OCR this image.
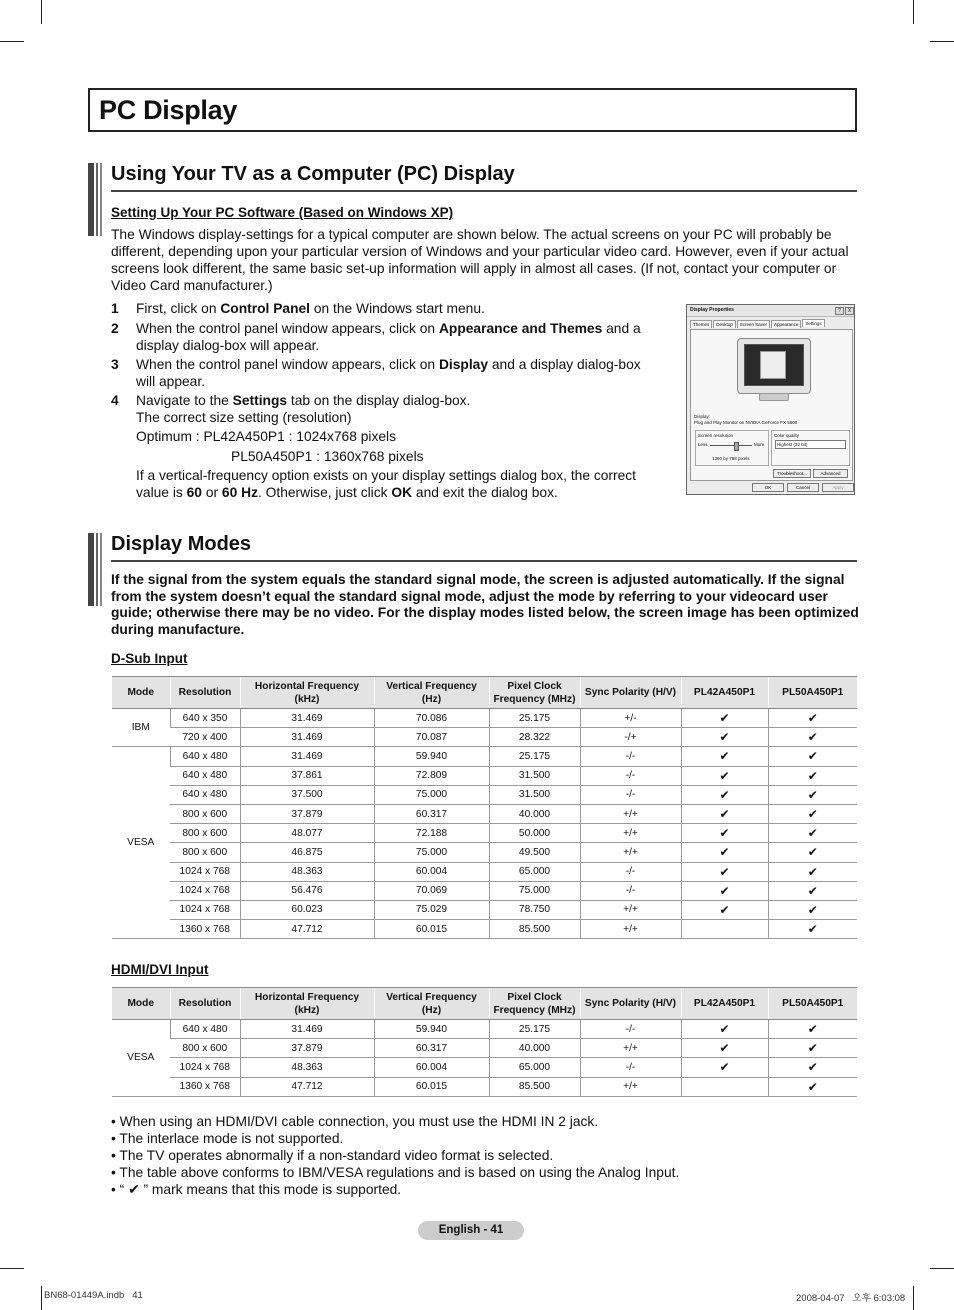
PC Display
Using Your TV as a Computer (PC) Display
Setting Up Your PC Software (Based on Windows XP)

The Windows display-settings for a typical computer are shown below. The actual screens on your PC will probably be different, depending upon your particular version of Windows and your particular video card. However, even if your actual screens look different, the same basic set-up information will apply in almost all cases. (If not, contact your computer or Video Card manufacturer.)

1 First, click on Control Panel on the Windows start menu.
2 When the control panel window appears, click on Appearance and Themes and a
display dialog-box will appear.
3 When the control panel window appears, click on Display and a display dialog-box
will appear.
4 Navigate to the Settings tab on the display dialog-box.
The correct size setting (resolution)
Optimum : PL42A450P1 : 1024x768 pixels
PL50A450P1 : 1360x768 pixels
If a vertical-frequency option exists on your display settings dialog box, the correct
value is 60 or 60 Hz. Otherwise, just click OK and exit the dialog box.
Display Properties	?	X
Themes Desktop Screen Saver Appearance Settings
Display:
Plug and Play Monitor on NVIDIA GeForce FX 5600
Screen resolution
Less	More
1360 by 768 pixels
Color quality
Highest (32 bit)
Troubleshoot...	Advanced
OK	Cancel	Apply
Display Modes

If the signal from the system equals the standard signal mode, the screen is adjusted automatically. If the signal from the system doesn’t equal the standard signal mode, adjust the mode by referring to your videocard user guide; otherwise there may be no video. For the display modes listed below, the screen image has been optimized during manufacture.

D-Sub Input
Mode	Resolution	Horizontal Frequency (kHz)	Vertical Frequency (Hz)	Pixel Clock Frequency (MHz)	Sync Polarity (H/V)	PL42A450P1	PL50A450P1
IBM	640 x 350	31.469	70.086	25.175	+/-	✔	✔
	720 x 400	31.469	70.087	28.322	-/+	✔	✔
VESA	640 x 480	31.469	59.940	25.175	-/-	✔	✔
	640 x 480	37.861	72.809	31.500	-/-	✔	✔
	640 x 480	37.500	75.000	31.500	-/-	✔	✔
	800 x 600	37.879	60.317	40.000	+/+	✔	✔
	800 x 600	48.077	72.188	50.000	+/+	✔	✔
	800 x 600	46.875	75.000	49.500	+/+	✔	✔
	1024 x 768	48.363	60.004	65.000	-/-	✔	✔
	1024 x 768	56.476	70.069	75.000	-/-	✔	✔
	1024 x 768	60.023	75.029	78.750	+/+	✔	✔
	1360 x 768	47.712	60.015	85.500	+/+		✔
HDMI/DVI Input
Mode	Resolution	Horizontal Frequency (kHz)	Vertical Frequency (Hz)	Pixel Clock Frequency (MHz)	Sync Polarity (H/V)	PL42A450P1	PL50A450P1
VESA	640 x 480	31.469	59.940	25.175	-/-	✔	✔
	800 x 600	37.879	60.317	40.000	+/+	✔	✔
	1024 x 768	48.363	60.004	65.000	-/-	✔	✔
	1360 x 768	47.712	60.015	85.500	+/+		✔
• When using an HDMI/DVI cable connection, you must use the HDMI IN 2 jack.
• The interlace mode is not supported.
• The TV operates abnormally if a non-standard video format is selected.
• The table above conforms to IBM/VESA regulations and is based on using the Analog Input.
• “ ✔ ” mark means that this mode is supported.
English - 41
BN68-01449A.indb   41	2008-04-07   오후 6:03:08
